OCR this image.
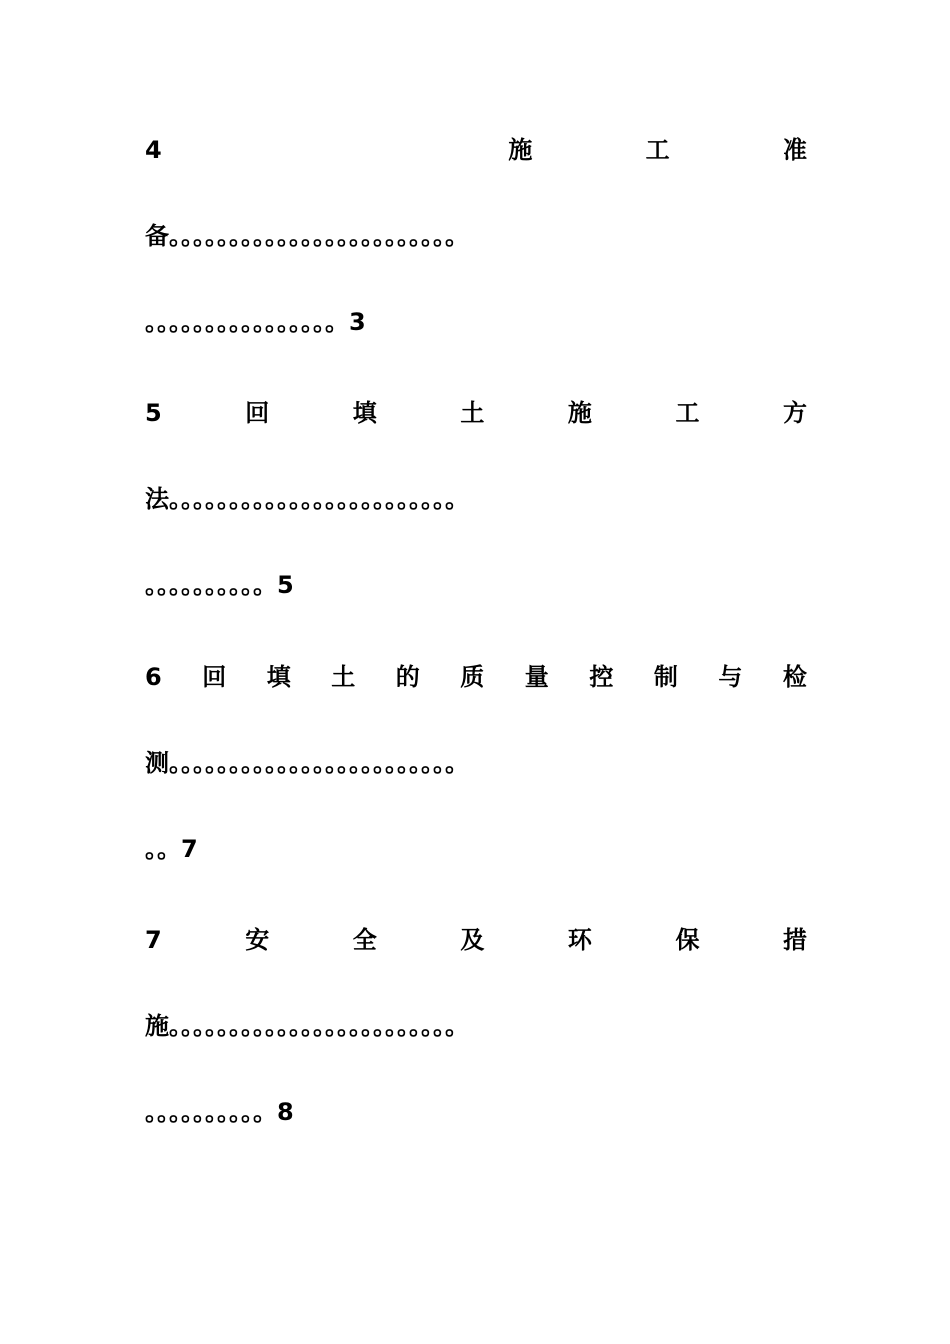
4	施	工	准
备。。。。。。。。。。。。。。。。。。。。。。。。
。。。。。。。。。。。。。。。。3
5	回	填	土	施	工	方
法。。。。。。。。。。。。。。。。。。。。。。。。
。。。。。。。。。。5
6 回 填 土 的 质 量 控 制 与 检
测。。。。。。。。。。。。。。。。。。。。。。。。
。。7
7	安	全	及	环	保	措
施。。。。。。。。。。。。。。。。。。。。。。。。
。。。。。。。。。。8
